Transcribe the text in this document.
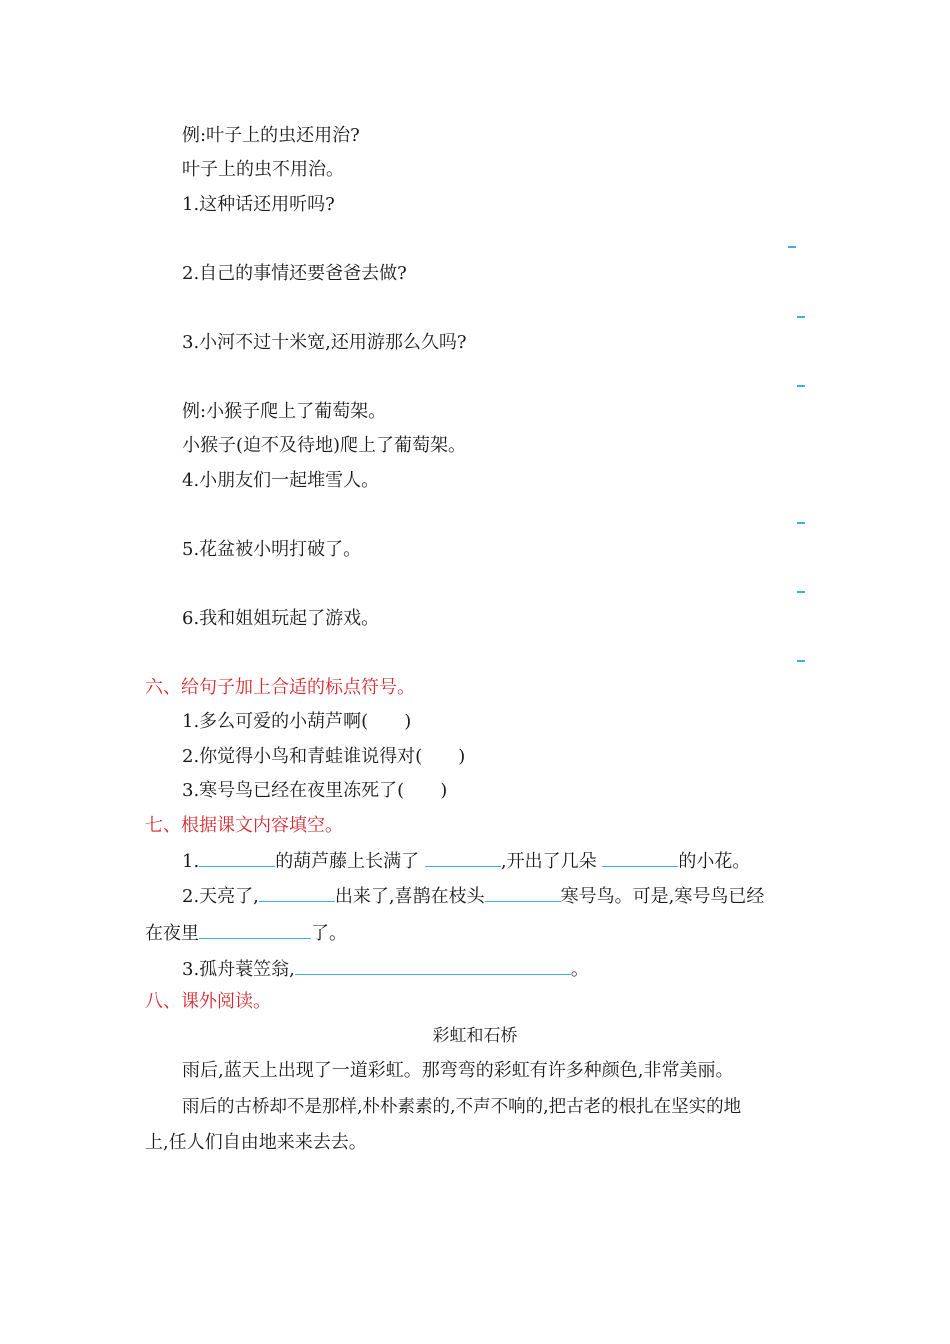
例:叶子上的虫还用治?
叶子上的虫不用治。
1.这种话还用听吗?
2.自己的事情还要爸爸去做?
3.小河不过十米宽,还用游那么久吗?
例:小猴子爬上了葡萄架。
小猴子(迫不及待地)爬上了葡萄架。
4.小朋友们一起堆雪人。
5.花盆被小明打破了。
6.我和姐姐玩起了游戏。
六、给句子加上合适的标点符号。
1.多么可爱的小葫芦啊( )
2.你觉得小鸟和青蛙谁说得对( )
3.寒号鸟已经在夜里冻死了( )
七、根据课文内容填空。
1.	的葫芦藤上长满了	,开出了几朵	的小花。
2.天亮了,	出来了,喜鹊在枝头	寒号鸟。可是,寒号鸟已经
在夜里	了。
3.孤舟蓑笠翁,	。
八、课外阅读。
彩虹和石桥
雨后,蓝天上出现了一道彩虹。那弯弯的彩虹有许多种颜色,非常美丽。
雨后的古桥却不是那样,朴朴素素的,不声不响的,把古老的根扎在坚实的地
上,任人们自由地来来去去。
